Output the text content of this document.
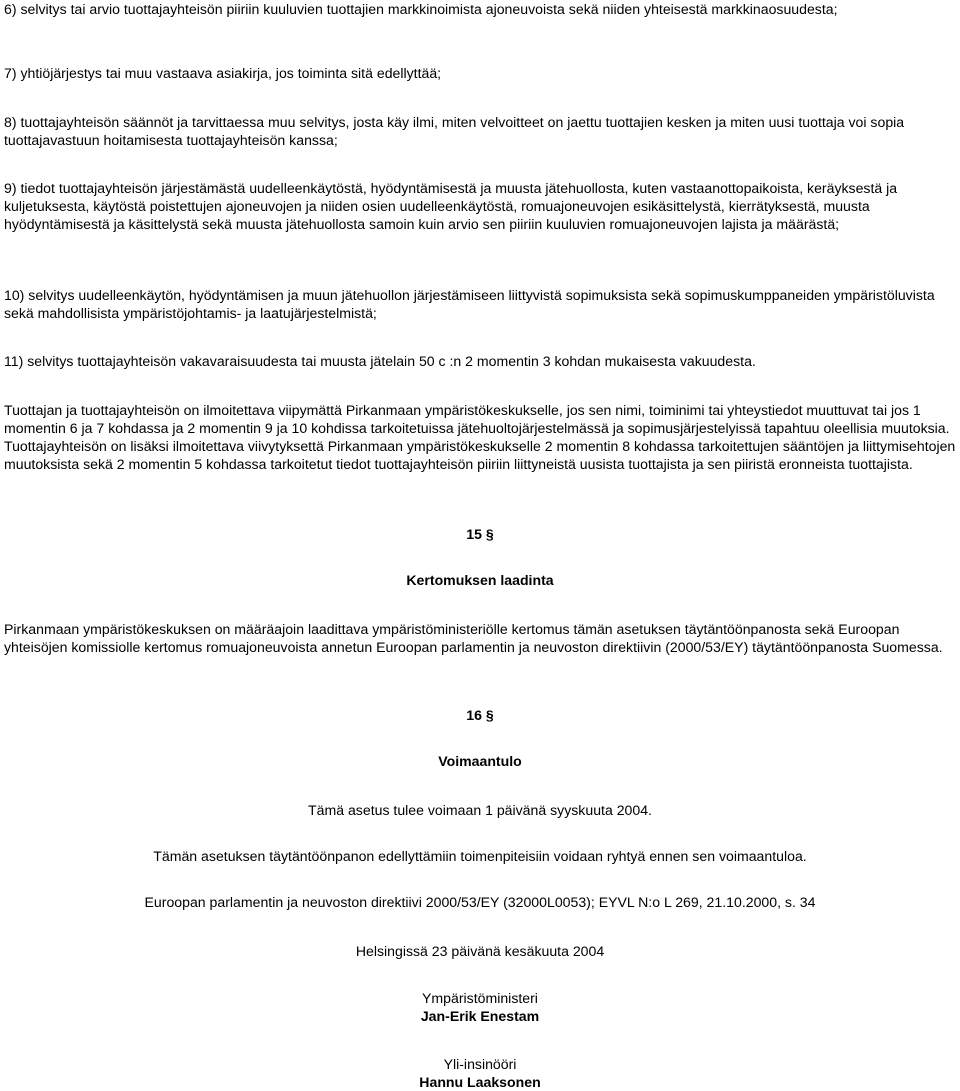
6) selvitys tai arvio tuottajayhteisön piiriin kuuluvien tuottajien markkinoimista ajoneuvoista sekä niiden yhteisestä markkinaosuudesta;

7) yhtiöjärjestys tai muu vastaava asiakirja, jos toiminta sitä edellyttää;

8) tuottajayhteisön säännöt ja tarvittaessa muu selvitys, josta käy ilmi, miten velvoitteet on jaettu tuottajien kesken ja miten uusi tuottaja voi sopia tuottajavastuun hoitamisesta tuottajayhteisön kanssa;

9) tiedot tuottajayhteisön järjestämästä uudelleenkäytöstä, hyödyntämisestä ja muusta jätehuollosta, kuten vastaanottopaikoista, keräyksestä ja kuljetuksesta, käytöstä poistettujen ajoneuvojen ja niiden osien uudelleenkäytöstä, romuajoneuvojen esikäsittelystä, kierrätyksestä, muusta hyödyntämisestä ja käsittelystä sekä muusta jätehuollosta samoin kuin arvio sen piiriin kuuluvien romuajoneuvojen lajista ja määrästä;

10) selvitys uudelleenkäytön, hyödyntämisen ja muun jätehuollon järjestämiseen liittyvistä sopimuksista sekä sopimuskumppaneiden ympäristöluvista sekä mahdollisista ympäristöjohtamis- ja laatujärjestelmistä;

11) selvitys tuottajayhteisön vakavaraisuudesta tai muusta jätelain 50 c :n 2 momentin 3 kohdan mukaisesta vakuudesta.

Tuottajan ja tuottajayhteisön on ilmoitettava viipymättä Pirkanmaan ympäristökeskukselle, jos sen nimi, toiminimi tai yhteystiedot muuttuvat tai jos 1 momentin 6 ja 7 kohdassa ja 2 momentin 9 ja 10 kohdissa tarkoitetuissa jätehuoltojärjestelmässä ja sopimusjärjestelyissä tapahtuu oleellisia muutoksia. Tuottajayhteisön on lisäksi ilmoitettava viivytyksettä Pirkanmaan ympäristökeskukselle 2 momentin 8 kohdassa tarkoitettujen sääntöjen ja liittymisehtojen muutoksista sekä 2 momentin 5 kohdassa tarkoitetut tiedot tuottajayhteisön piiriin liittyneistä uusista tuottajista ja sen piiristä eronneista tuottajista.

15 §

Kertomuksen laadinta

Pirkanmaan ympäristökeskuksen on määräajoin laadittava ympäristöministeriölle kertomus tämän asetuksen täytäntöönpanosta sekä Euroopan yhteisöjen komissiolle kertomus romuajoneuvoista annetun Euroopan parlamentin ja neuvoston direktiivin (2000/53/EY) täytäntöönpanosta Suomessa.

16 §

Voimaantulo

Tämä asetus tulee voimaan 1 päivänä syyskuuta 2004.

Tämän asetuksen täytäntöönpanon edellyttämiin toimenpiteisiin voidaan ryhtyä ennen sen voimaantuloa.

Euroopan parlamentin ja neuvoston direktiivi 2000/53/EY (32000L0053); EYVL N:o L 269, 21.10.2000, s. 34

Helsingissä 23 päivänä kesäkuuta 2004

Ympäristöministeri

Jan-Erik Enestam

Yli-insinööri

Hannu Laaksonen
